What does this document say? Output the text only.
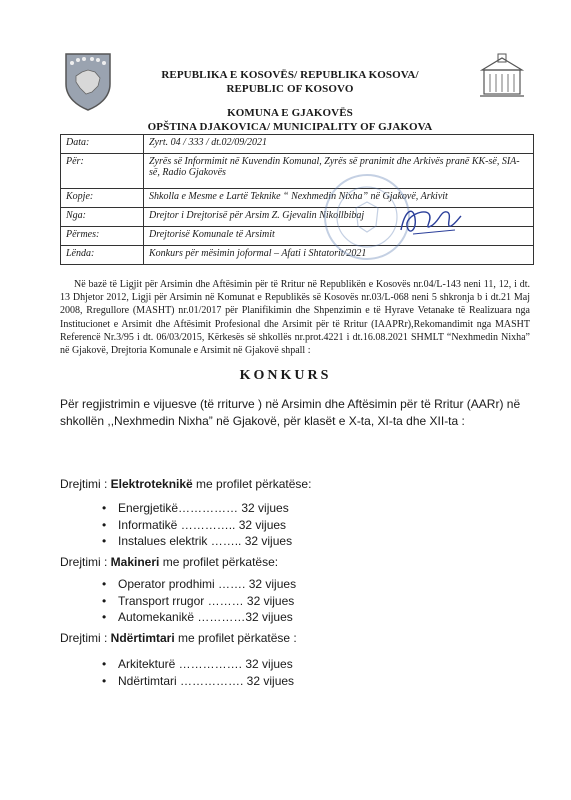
REPUBLIKA E KOSOVËS/ REPUBLIKA KOSOVA/
REPUBLIC OF KOSOVO
KOMUNA E GJAKOVËS
OPŠTINA DJAKOVICA/ MUNICIPALITY OF GJAKOVA
Data:	Zyrt. 04 / 333 / dt.02/09/2021
Për:	Zyrës së Informimit në Kuvendin Komunal, Zyrës së pranimit dhe Arkivës pranë KK-së, SIA-së, Radio Gjakovës
Kopje:	Shkolla e Mesme e Lartë Teknike “ Nexhmedin Nixha” në Gjakovë, Arkivit
Nga:	Drejtor i Drejtorisë për Arsim Z. Gjevalin Nikollbibaj
Përmes:	Drejtorisë Komunale të Arsimit
Lënda:	Konkurs për mësimin joformal – Afati i Shtatorit/2021

Në bazë të Ligjit për Arsimin dhe Aftësimin për të Rritur në Republikën e Kosovës nr.04/L-143 neni 11, 12, i dt. 13 Dhjetor 2012, Ligji për Arsimin në Komunat e Republikës së Kosovës nr.03/L-068 neni 5 shkronja b i dt.21 Maj 2008, Rregullore (MASHT) nr.01/2017 për Planifikimin dhe Shpenzimin e të Hyrave Vetanake të Realizuara nga Institucionet e Arsimit dhe Aftësimit Profesional dhe Arsimit për të Rritur (IAAPRr),Rekomandimit nga MASHT Referencë Nr.3/95 i dt. 06/03/2015, Kërkesës së shkollës nr.prot.4221 i dt.16.08.2021 SHMLT “Nexhmedin Nixha” në Gjakovë, Drejtoria Komunale e Arsimit në Gjakovë shpall :

KONKURS

Për regjistrimin e vijuesve (të rriturve ) në Arsimin dhe Aftësimin për të Rritur (AARr) në shkollën ,,Nexhmedin Nixha” në Gjakovë, për klasët e X-ta, XI-ta dhe XII-ta :

Drejtimi : Elektroteknikë me profilet përkatëse:
• Energjetikë…………… 32 vijues
• Informatikë ………….. 32 vijues
• Instalues elektrik …….. 32 vijues
Drejtimi : Makineri me profilet përkatëse:
• Operator prodhimi ……. 32 vijues
• Transport rrugor ……… 32 vijues
• Automekanikë …………32 vijues
Drejtimi : Ndërtimtari me profilet përkatëse :
• Arkitekturë ……………. 32 vijues
• Ndërtimtari ……………. 32 vijues
